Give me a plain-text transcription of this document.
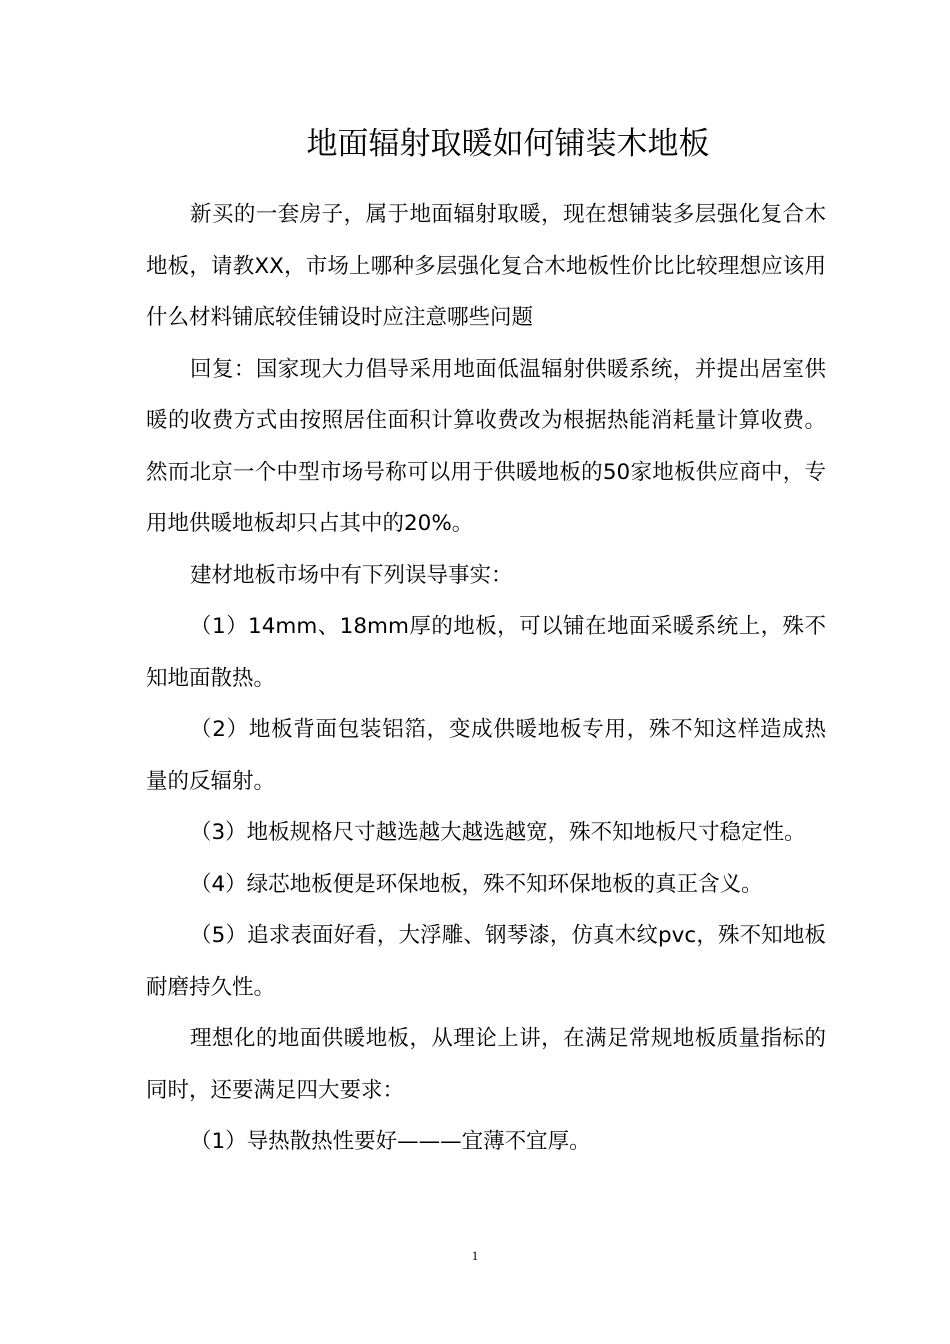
地面辐射取暖如何铺装木地板

新买的一套房子，属于地面辐射取暖，现在想铺装多层强化复合木地板，请教XX，市场上哪种多层强化复合木地板性价比比较理想应该用什么材料铺底较佳铺设时应注意哪些问题

回复：国家现大力倡导采用地面低温辐射供暖系统，并提出居室供暖的收费方式由按照居住面积计算收费改为根据热能消耗量计算收费。然而北京一个中型市场号称可以用于供暖地板的50家地板供应商中，专用地供暖地板却只占其中的20%。

建材地板市场中有下列误导事实：

（1）14mm、18mm厚的地板，可以铺在地面采暖系统上，殊不知地面散热。

（2）地板背面包装铝箔，变成供暖地板专用，殊不知这样造成热量的反辐射。

（3）地板规格尺寸越选越大越选越宽，殊不知地板尺寸稳定性。

（4）绿芯地板便是环保地板，殊不知环保地板的真正含义。

（5）追求表面好看，大浮雕、钢琴漆，仿真木纹pvc，殊不知地板耐磨持久性。

理想化的地面供暖地板，从理论上讲，在满足常规地板质量指标的同时，还要满足四大要求：

（1）导热散热性要好———宜薄不宜厚。

1
